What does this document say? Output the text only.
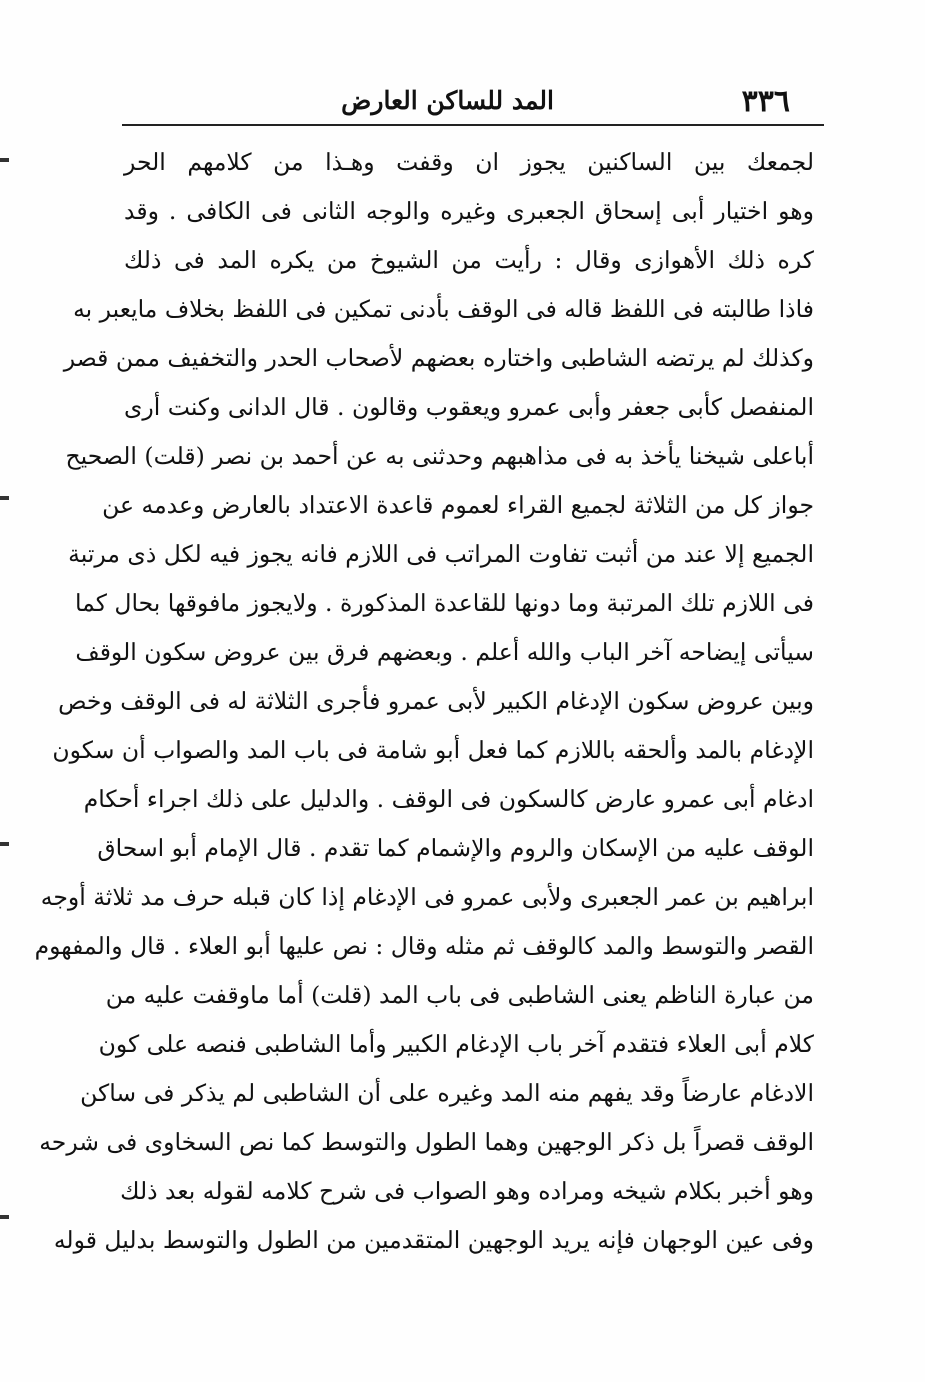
٣٣٦
المد للساكن العارض
لجمعك بين الساكنين يجوز ان وقفت وهـذا من كلامهم الحر
وهو اختيار أبى إسحاق الجعبرى وغيره والوجه الثانى فى الكافى . وقد
كره ذلك الأهوازى وقال : رأيت من الشيوخ من يكره المد فى ذلك
فاذا طالبته فى اللفظ قاله فى الوقف بأدنى تمكين فى اللفظ بخلاف مايعبر به
وكذلك لم يرتضه الشاطبى واختاره بعضهم لأصحاب الحدر والتخفيف ممن قصر
المنفصل كأبى جعفر وأبى عمرو ويعقوب وقالون . قال الدانى وكنت أرى
أباعلى شيخنا يأخذ به فى مذاهبهم وحدثنى به عن أحمد بن نصر (قلت) الصحيح
جواز كل من الثلاثة لجميع القراء لعموم قاعدة الاعتداد بالعارض وعدمه عن
الجميع إلا عند من أثبت تفاوت المراتب فى اللازم فانه يجوز فيه لكل ذى مرتبة
فى اللازم تلك المرتبة وما دونها للقاعدة المذكورة . ولايجوز مافوقها بحال كما
سيأتى إيضاحه آخر الباب والله أعلم . وبعضهم فرق بين عروض سكون الوقف
وبين عروض سكون الإدغام الكبير لأبى عمرو فأجرى الثلاثة له فى الوقف وخص
الإدغام بالمد وألحقه باللازم كما فعل أبو شامة فى باب المد والصواب أن سكون
ادغام أبى عمرو عارض كالسكون فى الوقف . والدليل على ذلك اجراء أحكام
الوقف عليه من الإسكان والروم والإشمام كما تقدم . قال الإمام أبو اسحاق
ابراهيم بن عمر الجعبرى ولأبى عمرو فى الإدغام إذا كان قبله حرف مد ثلاثة أوجه
القصر والتوسط والمد كالوقف ثم مثله وقال : نص عليها أبو العلاء . قال والمفهوم
من عبارة الناظم يعنى الشاطبى فى باب المد (قلت) أما ماوقفت عليه من
كلام أبى العلاء فتقدم آخر باب الإدغام الكبير وأما الشاطبى فنصه على كون
الادغام عارضاً وقد يفهم منه المد وغيره على أن الشاطبى لم يذكر فى ساكن
الوقف قصراً بل ذكر الوجهين وهما الطول والتوسط كما نص السخاوى فى شرحه
وهو أخبر بكلام شيخه ومراده وهو الصواب فى شرح كلامه لقوله بعد ذلك
وفى عين الوجهان فإنه يريد الوجهين المتقدمين من الطول والتوسط بدليل قوله
